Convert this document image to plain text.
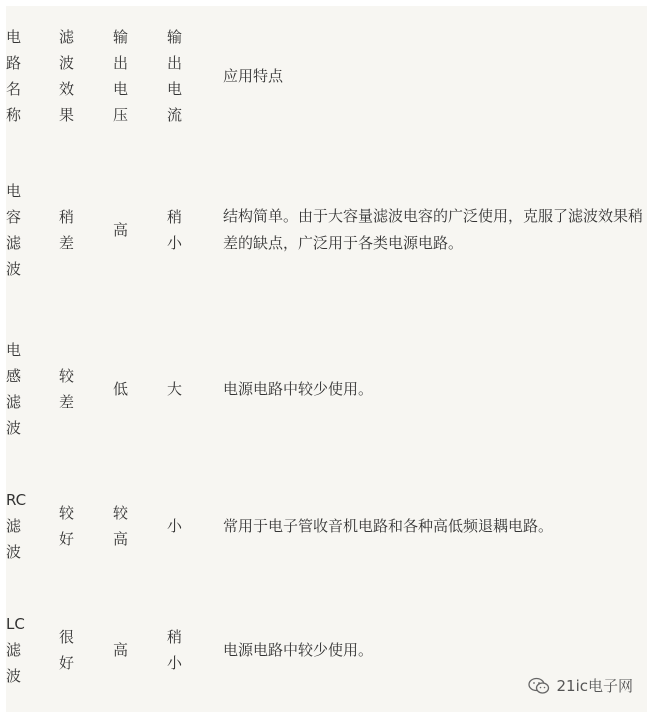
电路名称	滤波效果	输出电压	输出电流	应用特点

电容滤波	稍差	高	稍小	结构简单。由于大容量滤波电容的广泛使用，克服了滤波效果稍差的缺点，广泛用于各类电源电路。

电感滤波	较差	低	大	电源电路中较少使用。

RC滤波	较好	较高	小	常用于电子管收音机电路和各种高低频退耦电路。

LC滤波	很好	高	稍小	电源电路中较少使用。
21ic电子网
